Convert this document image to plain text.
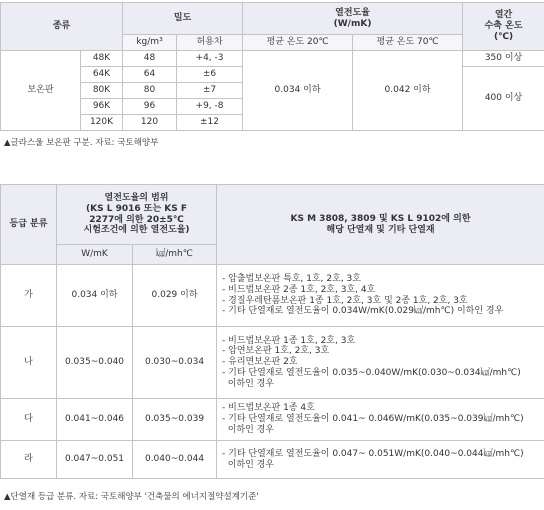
종류		밀도		열전도율
(W/mK)		열간
수축 온도
(℃)
		kg/m³	허용차	평균 온도 20℃	평균 온도 70℃	
보온판	48K	48	+4, -3	0.034 이하	0.042 이하	350 이상
	64K	64	±6			400 이상
	80K	80	±7			
	96K	96	+9, -8			
	120K	120	±12			
▲글라스울 보온판 구분. 자료: 국토해양부
등급 분류	열전도율의 범위
(KS L 9016 또는 KS F
2277에 의한 20±5℃
시험조건에 의한 열전도율)		KS M 3808, 3809 및 KS L 9102에 의한
해당 단열재 및 기타 단열재
	W/mK	㎉/mh℃	
가	0.034 이하	0.029 이하	- 압출법보온판 특호, 1호, 2호, 3호
- 비드법보온판 2종 1호, 2호, 3호, 4호
- 경질우레탄폼보온판 1종 1호, 2호, 3호 및 2종 1호, 2호, 3호
- 기타 단열재로 열전도율이 0.034W/mK(0.029㎉/mh℃) 이하인 경우

나	0.035~0.040	0.030~0.034	- 비드법보온판 1종 1호, 2호, 3호
- 압연보온판 1호, 2호, 3호
- 유리면보온판 2호
- 기타 단열재로 열전도율이 0.035~0.040W/mK(0.030~0.034㎉/mh℃)
이하인 경우

다	0.041~0.046	0.035~0.039	- 비드법보온판 1종 4호
- 기타 단열재로 열전도율이 0.041~ 0.046W/mK(0.035~0.039㎉/mh℃)
이하인 경우

라	0.047~0.051	0.040~0.044	- 기타 단열재로 열전도율이 0.047~ 0.051W/mK(0.040~0.044㎉/mh℃)
이하인 경우
▲단열재 등급 분류. 자료: 국토해양부 '건축물의 에너지절약설계기준'
